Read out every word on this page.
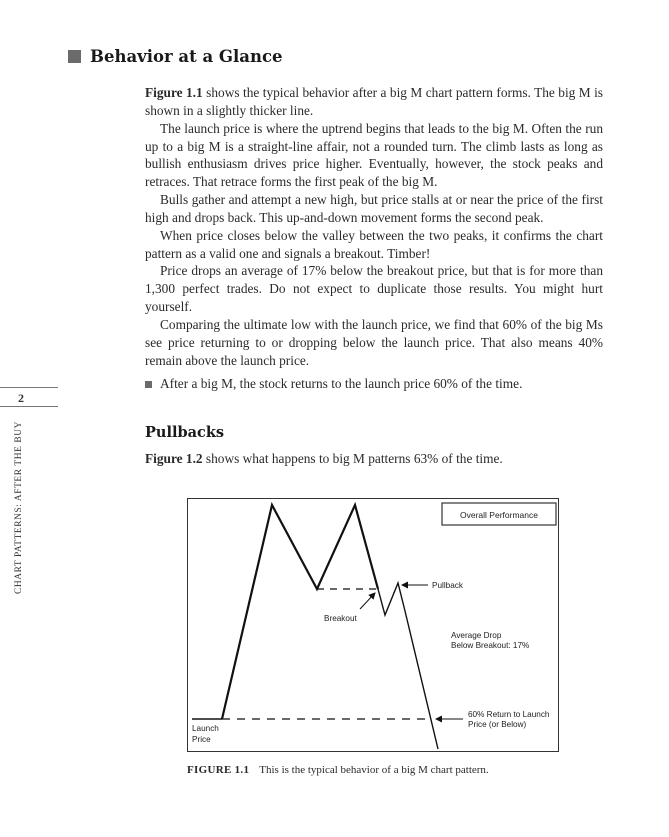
Behavior at a Glance

Figure 1.1 shows the typical behavior after a big M chart pattern forms. The big M is shown in a slightly thicker line.

The launch price is where the uptrend begins that leads to the big M. Often the run up to a big M is a straight-line affair, not a rounded turn. The climb lasts as long as bullish enthusiasm drives price higher. Eventually, however, the stock peaks and retraces. That retrace forms the first peak of the big M.

Bulls gather and attempt a new high, but price stalls at or near the price of the first high and drops back. This up-and-down movement forms the second peak.

When price closes below the valley between the two peaks, it confirms the chart pattern as a valid one and signals a breakout. Timber!

Price drops an average of 17% below the breakout price, but that is for more than 1,300 perfect trades. Do not expect to duplicate those results. You might hurt yourself.

Comparing the ultimate low with the launch price, we find that 60% of the big Ms see price returning to or dropping below the launch price. That also means 40% remain above the launch price.

After a big M, the stock returns to the launch price 60% of the time.
2
CHART PATTERNS: AFTER THE BUY	Pullbacks
Figure 1.2 shows what happens to big M patterns 63% of the time.
Overall Performance
Pullback
Breakout
Average Drop
Below Breakout: 17%
60% Return to Launch
Price (or Below)
Launch
Price
FIGURE 1.1 This is the typical behavior of a big M chart pattern.
